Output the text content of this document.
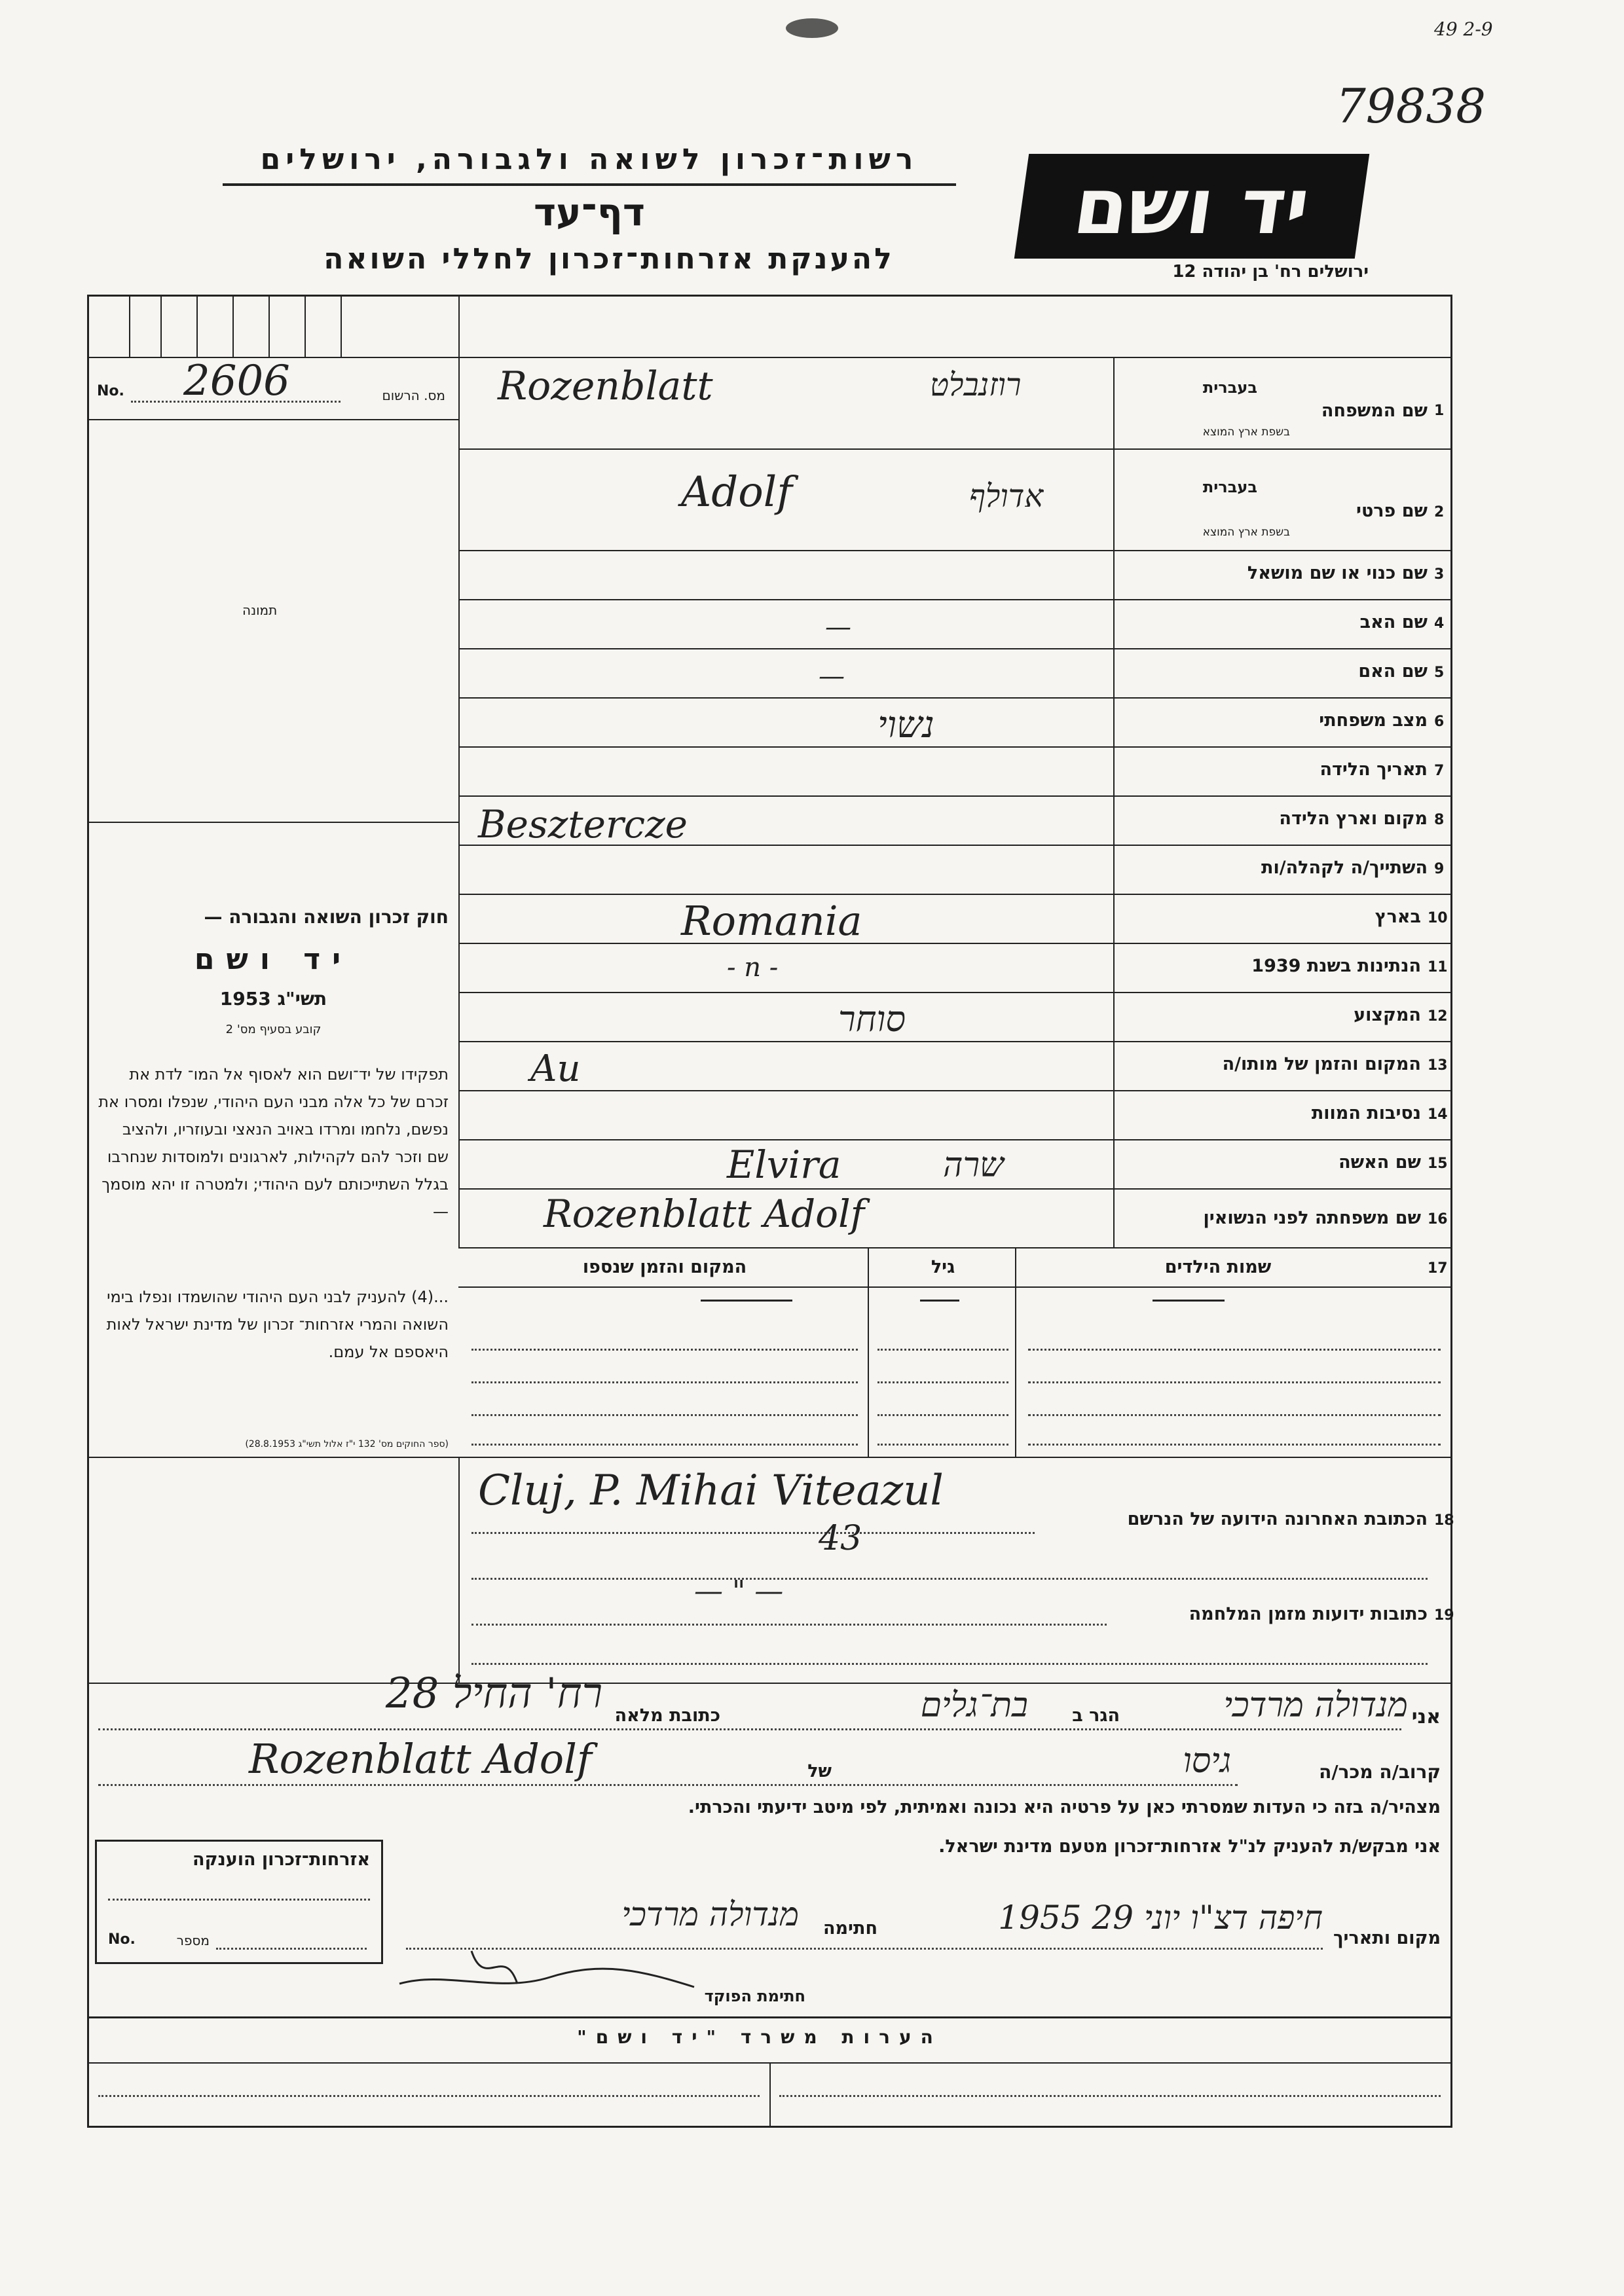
49 2-9
79838
רשות־זכרון לשואה ולגבורה, ירושלים
דף־עד
להענקת אזרחות־זכרון לחללי השואה
יד ושם
ירושלים רח' בן יהודה 12
No. 2606	מס. הרשום
תמונה
חוק זכרון השואה והגבורה —
יד ושם
תשי"ג 1953
קובע בסעיף מס' 2
תפקידו של יד־ושם הוא לאסוף אל המו־ לדת את זכרם של כל אלה מבני העם היהודי, שנפלו ומסרו את נפשם, נלחמו ומרדו באויב הנאצי ובעוזריו, ולהציב שם וזכר להם לקהילות, לארגונים ולמוסדות שנחרבו בגלל השתייכותם לעם היהודי; ולמטרה זו יהא מוסמך —
...(4) להעניק לבני העם היהודי שהושמדו ונפלו בימי השואה והמרי אזרחות־ זכרון של מדינת ישראל לאות היאספם אל עמם.
(ספר החוקים מס' 132 י"ז אלול תשי"ג 28.8.1953)
1
שם המשפחה
בעברית
בשפת ארץ המוצא
Rozenblatt	רוזנבלט
2
שם פרטי
בעברית
בשפת ארץ המוצא
Adolf	אדולף
3
שם כנוי או שם מושאל
4
שם האב
—
5
שם האם
—
6
מצב משפחתי
נשוי
7
תאריך הלידה
8
מקום וארץ הלידה
Besztercze
9
השתייך/ה לקהלה/ות
10
בארץ
Romania
11
הנתינות בשנת 1939
- n -
12
המקצוע
סוחר
13
המקום והזמן של מותו/ה
Au
14
נסיבות המוות
15
שם האשה
Elvira	שרה
16
שם משפחתה לפני הנשואין
Rozenblatt Adolf
17
שמות הילדים
גיל
המקום והזמן שנספו
Cluj, P. Mihai Viteazul
18
הכתובת האחרונה הידועה של הנרשם
43
— " —
19
כתובות ידועות מזמן המלחמה
אני
מנדולה מרדכי
הגר ב
בת־גלים
כתובת מלאה
רח' החיל 28
קרוב/ה מכר/ה
גיסו
של
Rozenblatt Adolf
מצהיר/ה בזה כי העדות שמסרתי כאן על פרטיה היא נכונה ואמיתית, לפי מיטב ידיעתי והכרתי.
אני מבקש/ת להעניק לנ"ל אזרחות־זכרון מטעם מדינת ישראל.
אזרחות־זכרון הוענקה
No.	מספר	מקום ותאריך
חיפה דצ"ו יוני 29 1955
חתימה
מנדולה מרדכי
חתימת הפוקד
הערות משרד "יד ושם"
